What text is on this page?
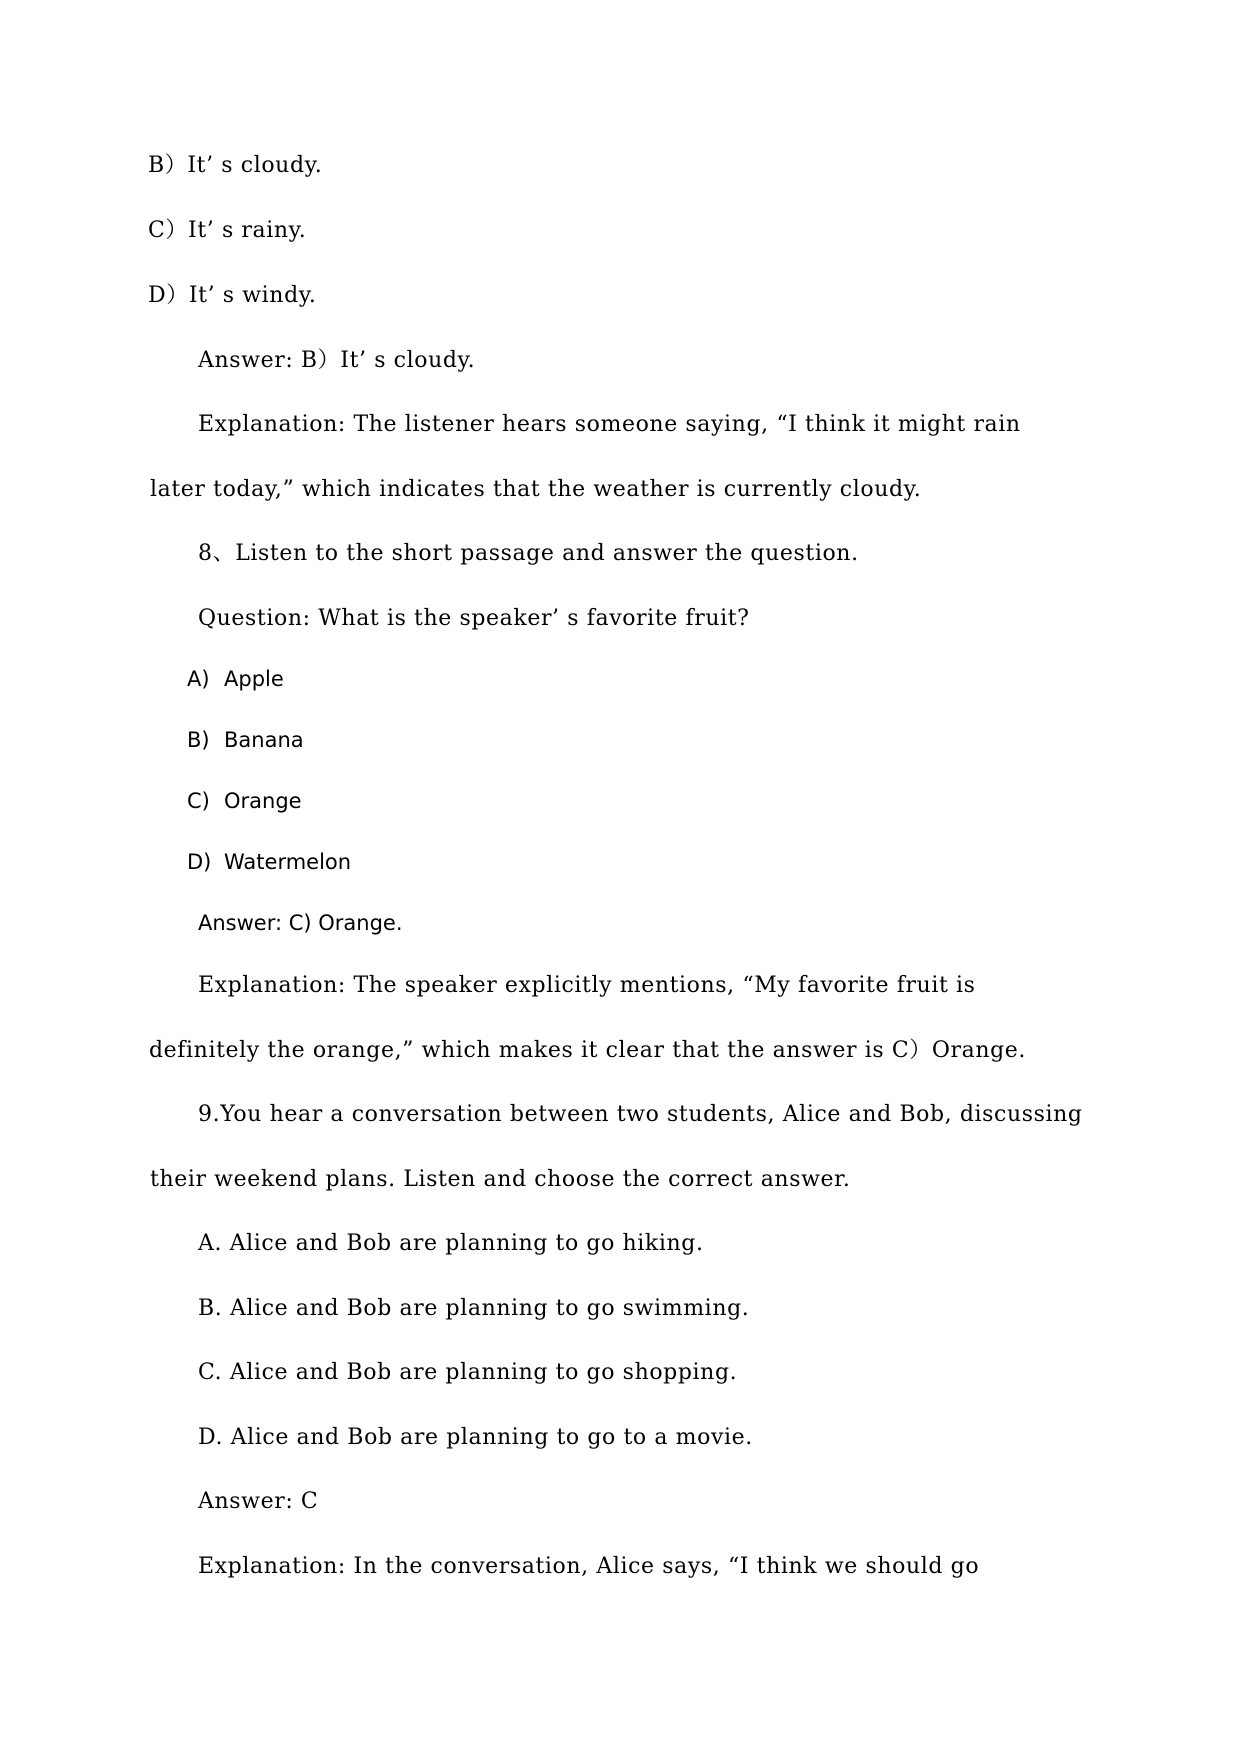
B）It’ s cloudy.

C）It’ s rainy.

D）It’ s windy.

Answer: B）It’ s cloudy.

Explanation: The listener hears someone saying, “I think it might rain

later today,” which indicates that the weather is currently cloudy.

8、Listen to the short passage and answer the question.

Question: What is the speaker’ s favorite fruit?

A) Apple

B) Banana

C) Orange

D) Watermelon

Answer: C) Orange.

Explanation: The speaker explicitly mentions, “My favorite fruit is

definitely the orange,” which makes it clear that the answer is C）Orange.

9.You hear a conversation between two students, Alice and Bob, discussing

their weekend plans. Listen and choose the correct answer.

A. Alice and Bob are planning to go hiking.

B. Alice and Bob are planning to go swimming.

C. Alice and Bob are planning to go shopping.

D. Alice and Bob are planning to go to a movie.

Answer: C

Explanation: In the conversation, Alice says, “I think we should go
